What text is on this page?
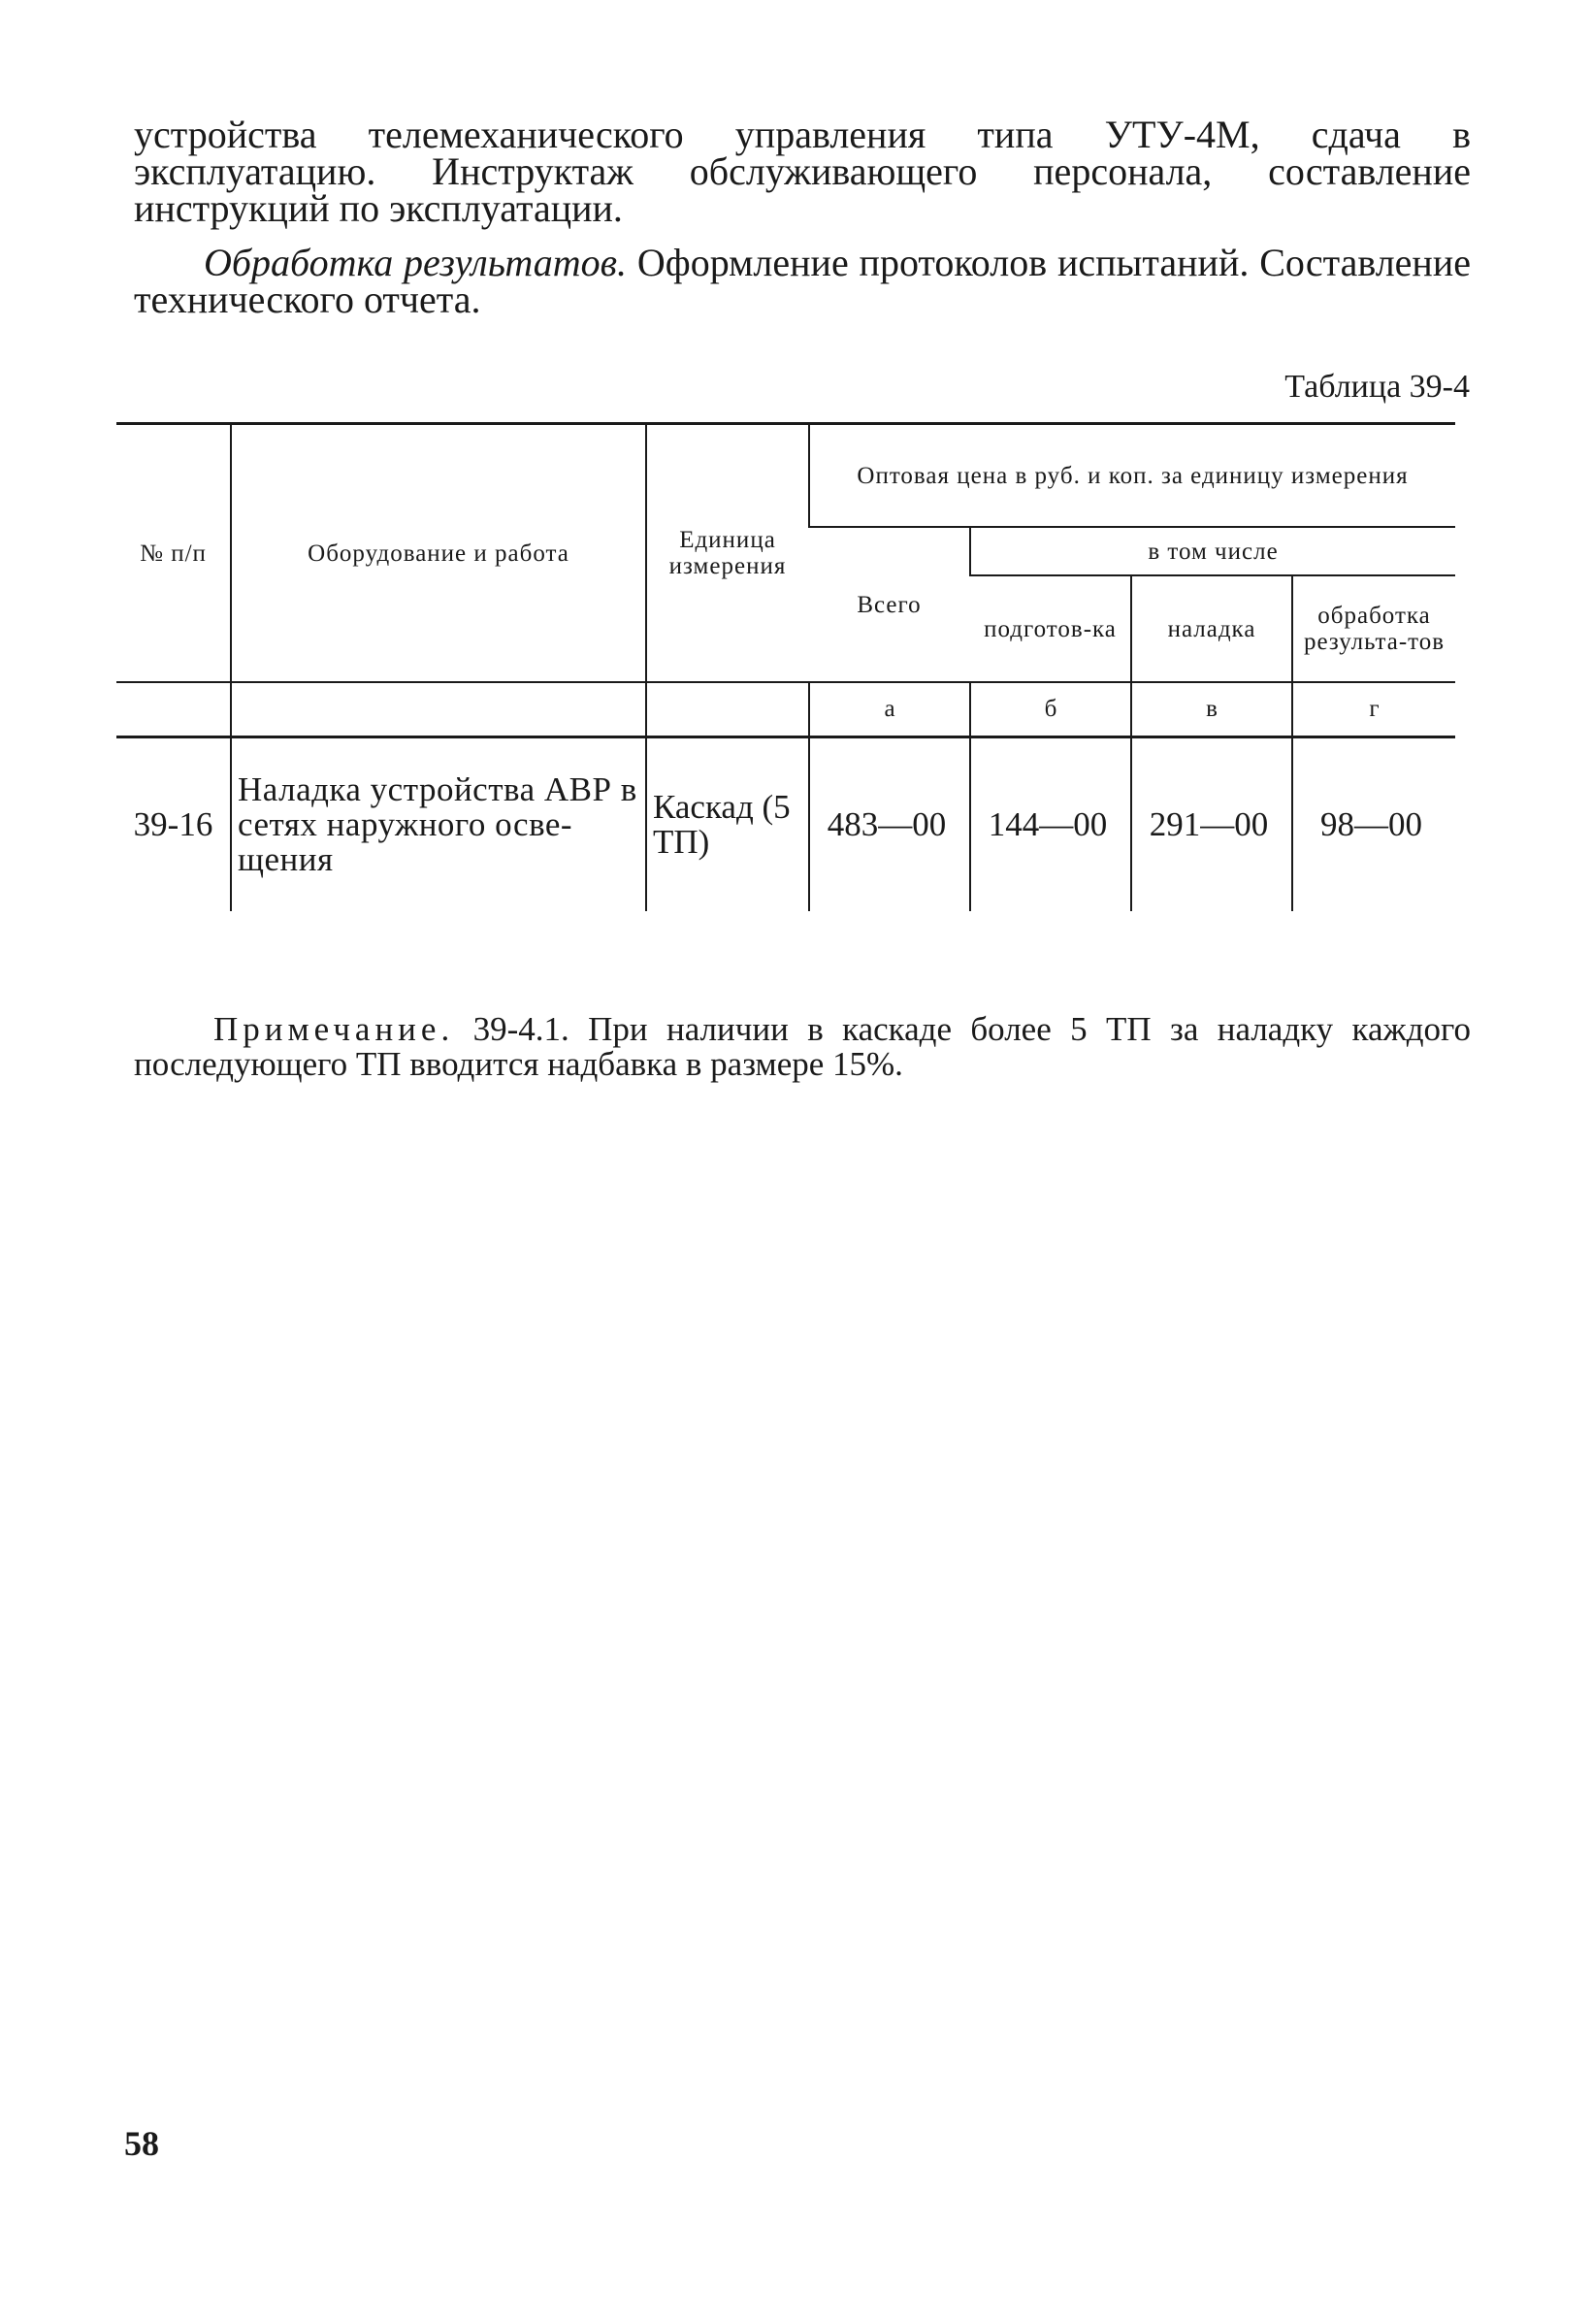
устройства телемеханического управления типа УТУ-4М, сдача в эксплуатацию. Инструктаж обслуживающего персонала, составление инструкций по эксплуатации.

Обработка результатов. Оформление протоколов испытаний. Составление технического отчета.

Таблица 39-4
№ п/п	Оборудование и работа	Единица измерения	Оптовая цена в руб. и коп. за единицу измерения			
			Всего	в том числе		
				подготов-ка	наладка	обработка результа-тов
			а	б	в	г
39-16	Наладка устройства АВР в сетях наружного осве-щения	Каскад (5 ТП)	483—00	144—00	291—00	98—00

Примечание. 39-4.1. При наличии в каскаде более 5 ТП за наладку каждого последующего ТП вводится надбавка в размере 15%.

58
